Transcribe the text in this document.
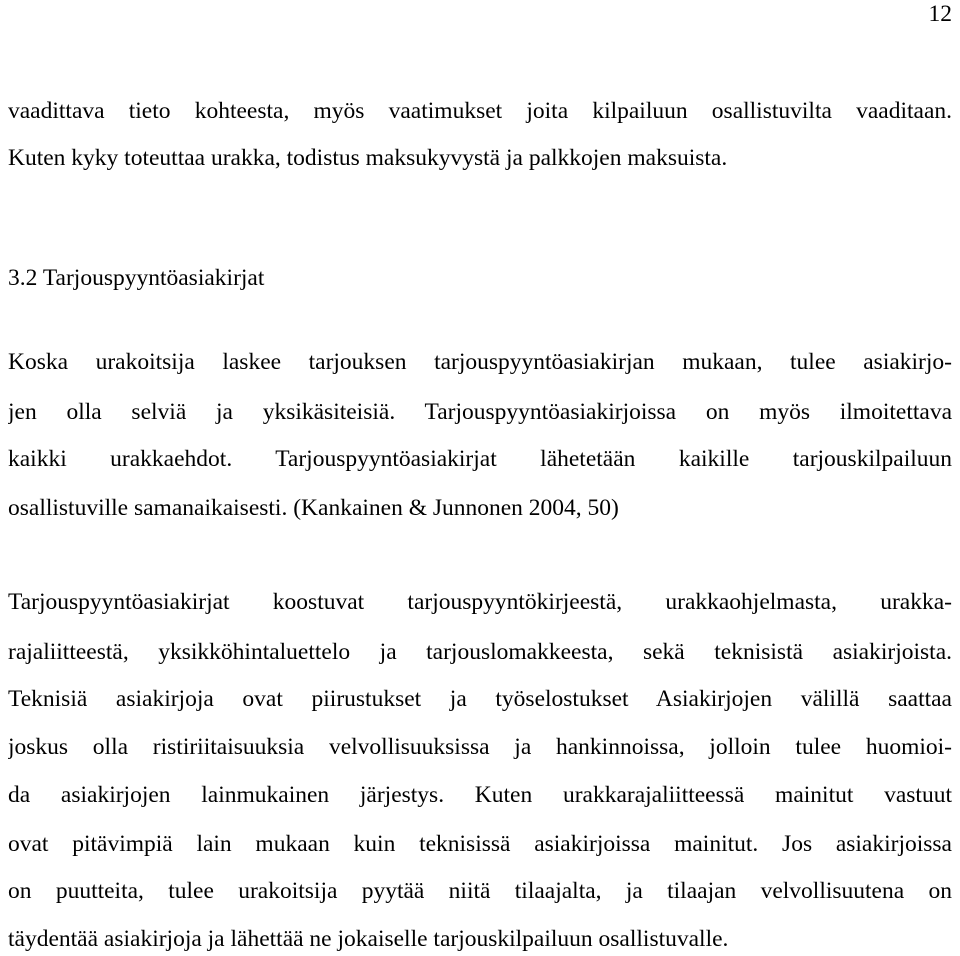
12
vaadittava tieto kohteesta, myös vaatimukset joita kilpailuun osallistuvilta vaaditaan.
Kuten kyky toteuttaa urakka, todistus maksukyvystä ja palkkojen maksuista.
3.2 Tarjouspyyntöasiakirjat
Koska urakoitsija laskee tarjouksen tarjouspyyntöasiakirjan mukaan, tulee asiakirjo-
jen olla selviä ja yksikäsiteisiä. Tarjouspyyntöasiakirjoissa on myös ilmoitettava
kaikki urakkaehdot. Tarjouspyyntöasiakirjat lähetetään kaikille tarjouskilpailuun
osallistuville samanaikaisesti. (Kankainen & Junnonen 2004, 50)
Tarjouspyyntöasiakirjat koostuvat tarjouspyyntökirjeestä, urakkaohjelmasta, urakka-
rajaliitteestä, yksikköhintaluettelo ja tarjouslomakkeesta, sekä teknisistä asiakirjoista.
Teknisiä asiakirjoja ovat piirustukset ja työselostukset Asiakirjojen välillä saattaa
joskus olla ristiriitaisuuksia velvollisuuksissa ja hankinnoissa, jolloin tulee huomioi-
da asiakirjojen lainmukainen järjestys. Kuten urakkarajaliitteessä mainitut vastuut
ovat pitävimpiä lain mukaan kuin teknisissä asiakirjoissa mainitut. Jos asiakirjoissa
on puutteita, tulee urakoitsija pyytää niitä tilaajalta, ja tilaajan velvollisuutena on
täydentää asiakirjoja ja lähettää ne jokaiselle tarjouskilpailuun osallistuvalle.
